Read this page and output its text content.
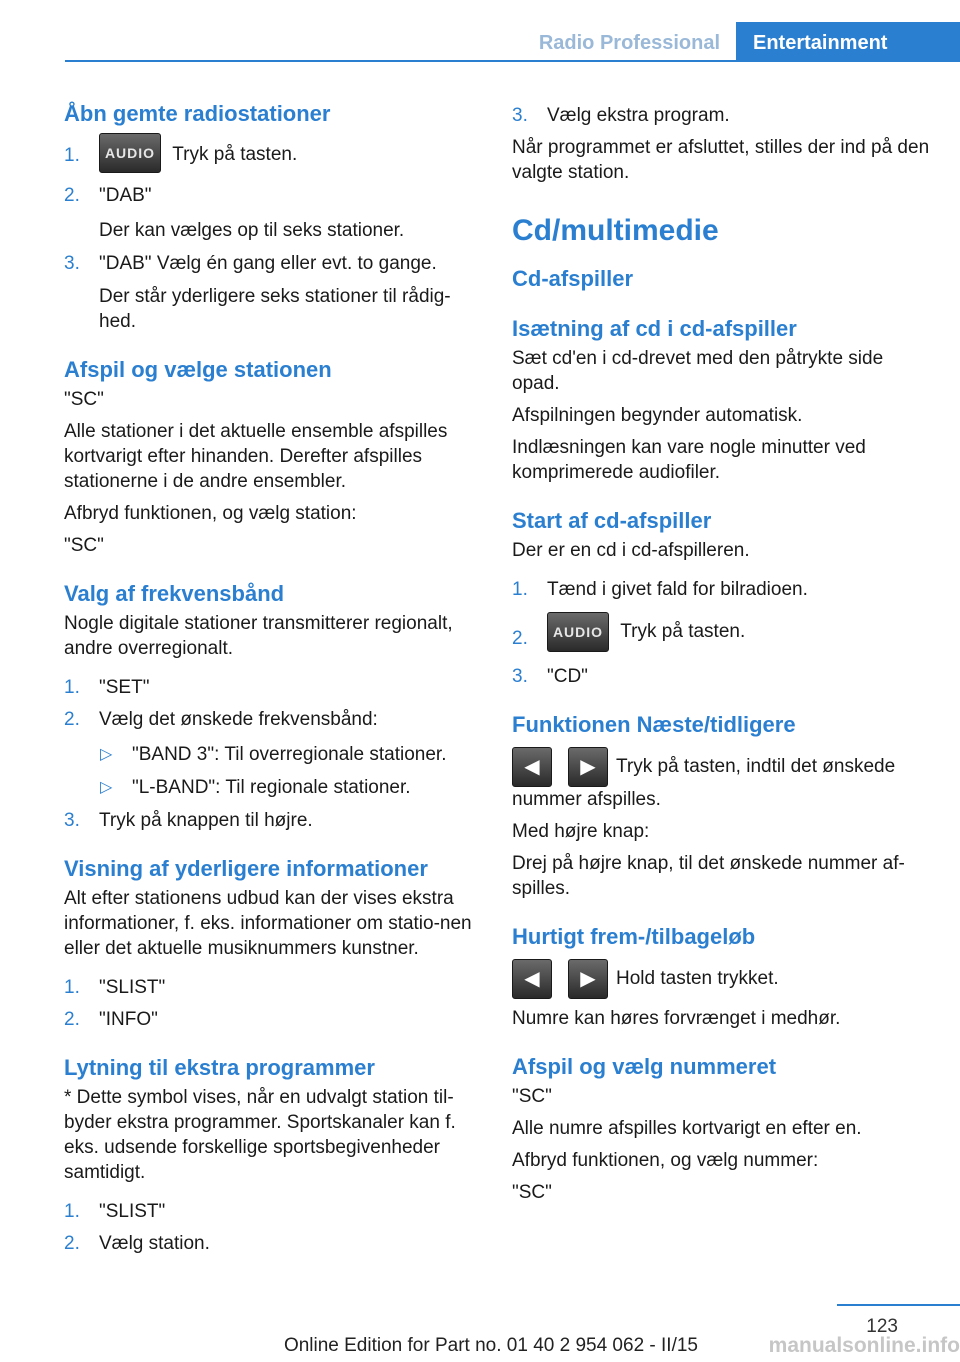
Radio Professional	Entertainment
Åbn gemte radiostationer
1. AUDIO Tryk på tasten.
2. "DAB"
Der kan vælges op til seks stationer.
3. "DAB" Vælg én gang eller evt. to gange.
Der står yderligere seks stationer til rådig-hed.
Afspil og vælge stationen
"SC"
Alle stationer i det aktuelle ensemble afspilles kortvarigt efter hinanden. Derefter afspilles stationerne i de andre ensembler.
Afbryd funktionen, og vælg station:
"SC"
Valg af frekvensbånd
Nogle digitale stationer transmitterer regionalt, andre overregionalt.
1. "SET"
2. Vælg det ønskede frekvensbånd:
▷ "BAND 3": Til overregionale stationer.
▷ "L-BAND": Til regionale stationer.
3. Tryk på knappen til højre.
Visning af yderligere informationer
Alt efter stationens udbud kan der vises ekstra informationer, f. eks. informationer om statio-nen eller det aktuelle musiknummers kunstner.
1. "SLIST"
2. "INFO"
Lytning til ekstra programmer
* Dette symbol vises, når en udvalgt station til-byder ekstra programmer. Sportskanaler kan f. eks. udsende forskellige sportsbegivenheder samtidigt.
1. "SLIST"
2. Vælg station.
3. Vælg ekstra program.
Når programmet er afsluttet, stilles der ind på den valgte station.
Cd/multimedie
Cd-afspiller
Isætning af cd i cd-afspiller
Sæt cd'en i cd-drevet med den påtrykte side opad.
Afspilningen begynder automatisk.
Indlæsningen kan vare nogle minutter ved komprimerede audiofiler.
Start af cd-afspiller
Der er en cd i cd-afspilleren.
1. Tænd i givet fald for bilradioen.
2. AUDIO Tryk på tasten.
3. "CD"
Funktionen Næste/tidligere
◀ ▶ Tryk på tasten, indtil det ønskede nummer afspilles.
Med højre knap:
Drej på højre knap, til det ønskede nummer af-spilles.
Hurtigt frem-/tilbageløb
◀ ▶ Hold tasten trykket.
Numre kan høres forvrænget i medhør.
Afspil og vælg nummeret
"SC"
Alle numre afspilles kortvarigt en efter en.
Afbryd funktionen, og vælg nummer:
"SC"
123
Online Edition for Part no. 01 40 2 954 062 - II/15	manualsonline.info
